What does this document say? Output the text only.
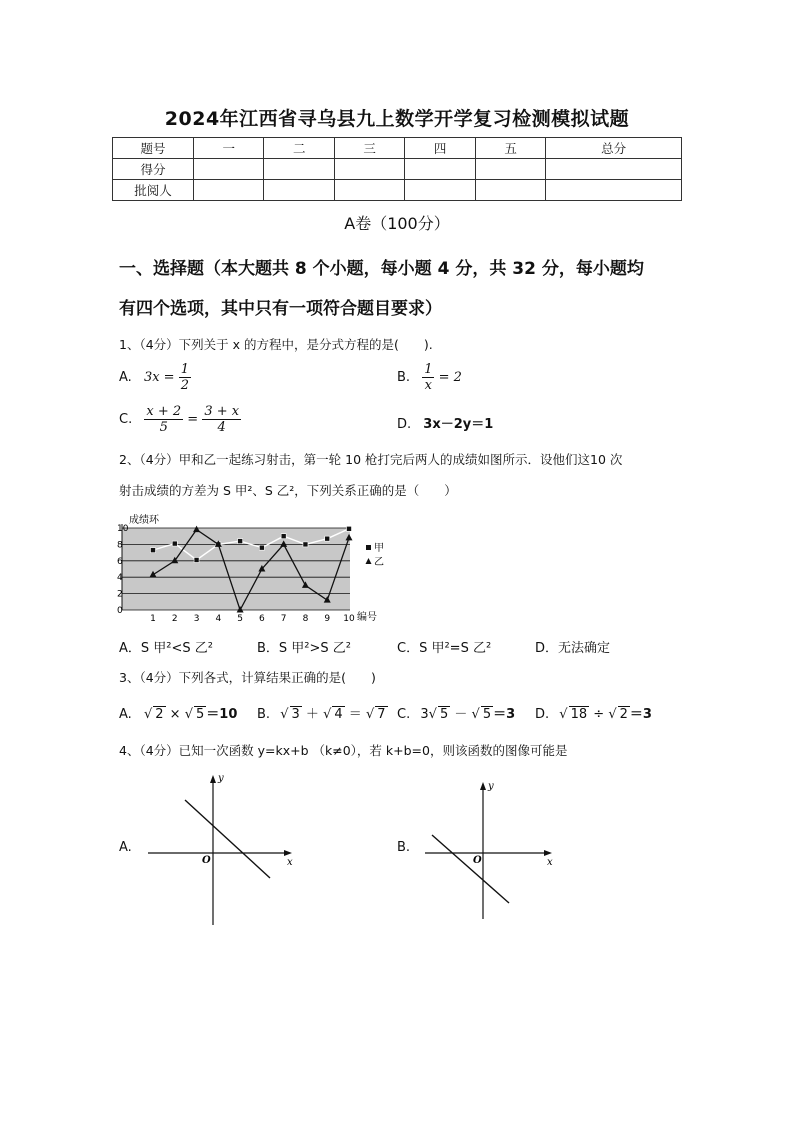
2024年江西省寻乌县九上数学开学复习检测模拟试题
题号	一	二	三	四	五	总分
得分						
批阅人						
A卷（100分）
一、选择题（本大题共 8 个小题，每小题 4 分，共 32 分，每小题均
有四个选项，其中只有一项符合题目要求）
1、（4分）下列关于 x 的方程中，是分式方程的是(　　).
A. $3x = \frac{1}{2}$	B. $\frac{1}{x} = 2$
C. $\frac{x + 2}{5} = \frac{3 + x}{4}$	D. 3x－2y＝1
2、（4分）甲和乙一起练习射击，第一轮 10 枪打完后两人的成绩如图所示．设他们这10 次
射击成绩的方差为 S 甲²、S 乙²，下列关系正确的是（　　）
0
2
4
6
8
10
1 2 3 4 5 6 7 8 9 10
成绩环
编号
甲
乙
A．S 甲²<S 乙²	B．S 甲²>S 乙²	C．S 甲²=S 乙²	D．无法确定
3、（4分）下列各式，计算结果正确的是(　　)
A. √ 2 × √ 5 ＝10 B. √ 3 ＋ √ 4 ＝ √ 7 C. 3√ 5 － √ 5 ＝3 D. √ 18 ÷ √ 2 ＝3
4、（4分）已知一次函数 y=kx+b （k≠0），若 k+b=0，则该函数的图像可能是
A.
x
y
O
B.
x
y
O
